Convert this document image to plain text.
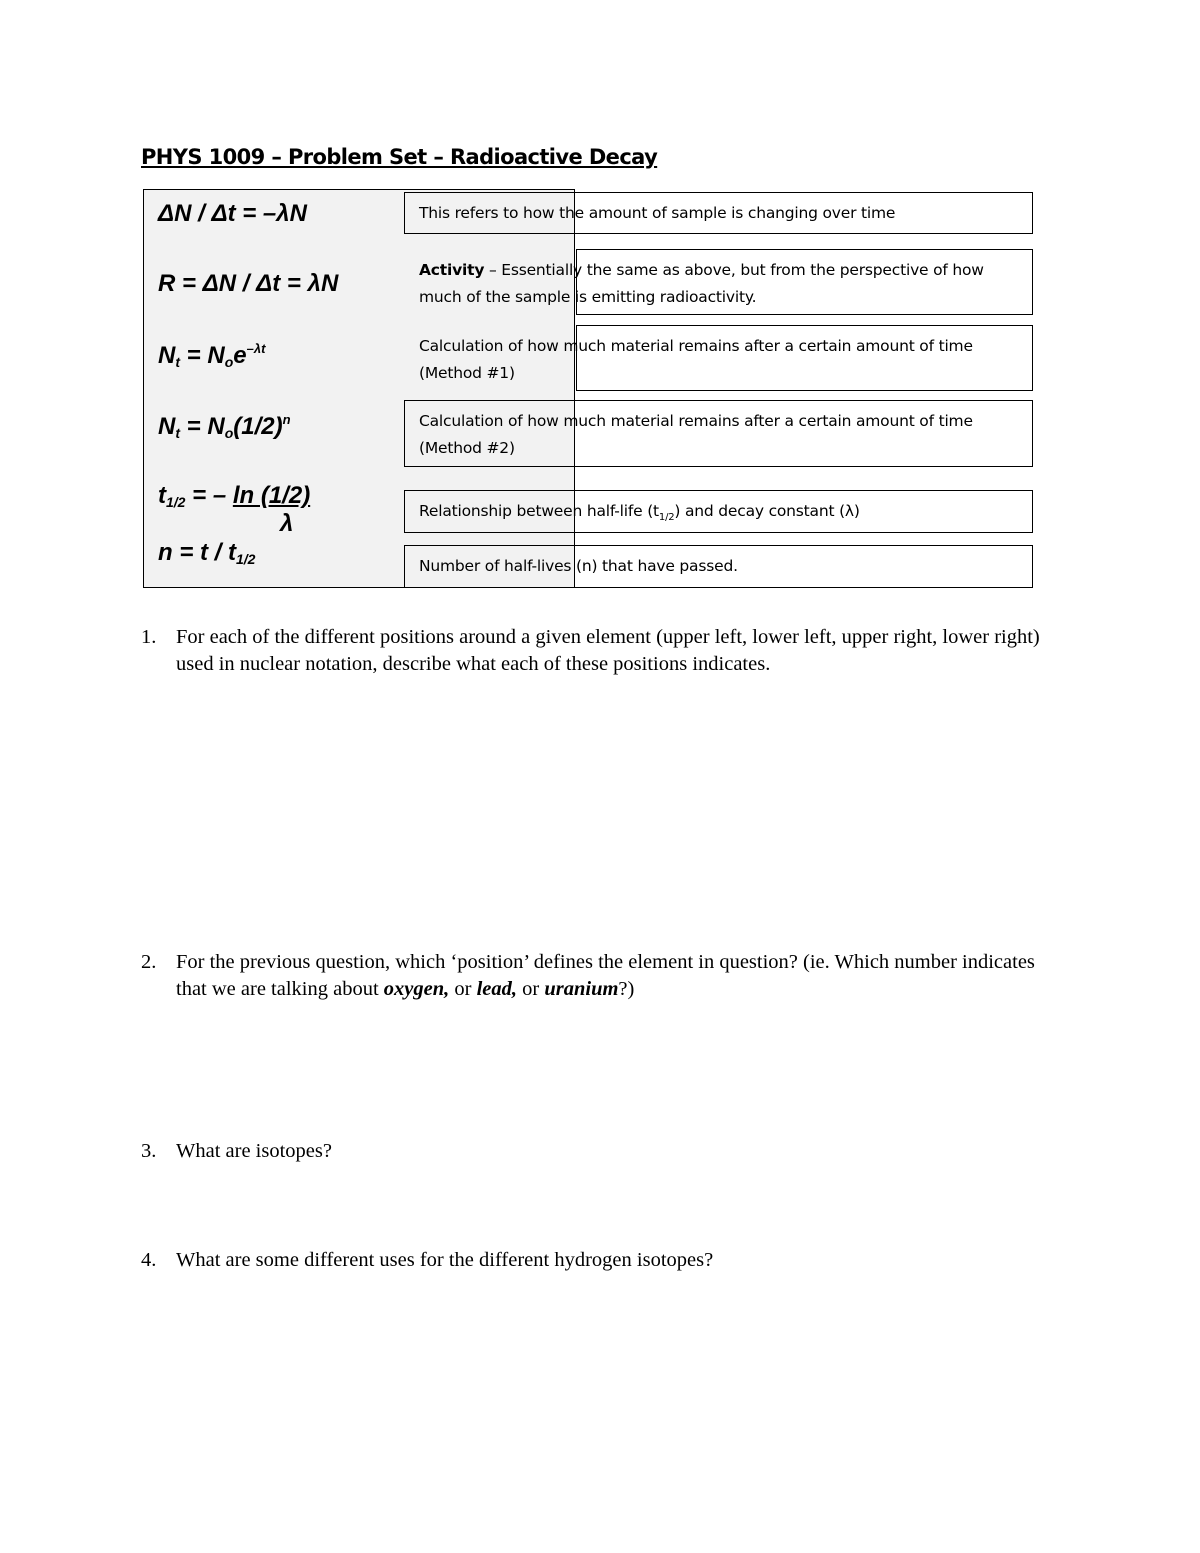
PHYS 1009 – Problem Set – Radioactive Decay
ΔN / Δt = –λN
R = ΔN / Δt = λN
$N_t = N_oe^{-\lambda t}$
$N_t = N_o(1/2)^n$
$t_{1/2}$ = – ln (1/2)
λ
$n = t / t_{1/2}$
This refers to how the amount of sample is changing over time
Activity – Essentially the same as above, but from the perspective of how much of the sample is emitting radioactivity.
Calculation of how much material remains after a certain amount of time (Method #1)
Calculation of how much material remains after a certain amount of time (Method #2)
Relationship between half-life $(t_{1/2})$ and decay constant (λ)
Number of half-lives (n) that have passed.
1. For each of the different positions around a given element (upper left, lower left, upper right, lower right) used in nuclear notation, describe what each of these positions indicates.
2. For the previous question, which ‘position’ defines the element in question? (ie. Which number indicates that we are talking about oxygen, or lead, or uranium?)
3. What are isotopes?
4. What are some different uses for the different hydrogen isotopes?
